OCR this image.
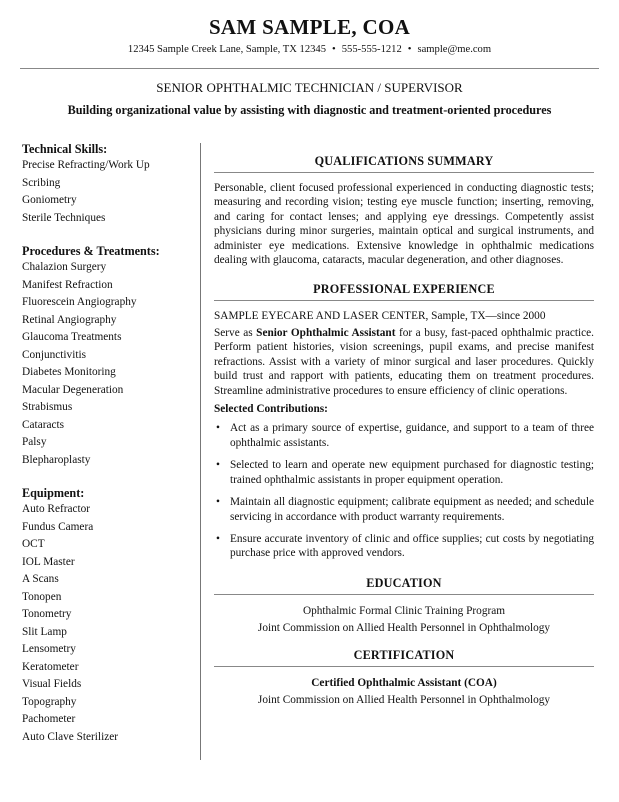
SAM SAMPLE, COA
12345 Sample Creek Lane, Sample, TX 12345 • 555-555-1212 • sample@me.com
SENIOR OPHTHALMIC TECHNICIAN / SUPERVISOR
Building organizational value by assisting with diagnostic and treatment-oriented procedures
Technical Skills:
Precise Refracting/Work Up
Scribing
Goniometry
Sterile Techniques
Procedures & Treatments:
Chalazion Surgery
Manifest Refraction
Fluorescein Angiography
Retinal Angiography
Glaucoma Treatments
Conjunctivitis
Diabetes Monitoring
Macular Degeneration
Strabismus
Cataracts
Palsy
Blepharoplasty
Equipment:
Auto Refractor
Fundus Camera
OCT
IOL Master
A Scans
Tonopen
Tonometry
Slit Lamp
Lensometry
Keratometer
Visual Fields
Topography
Pachometer
Auto Clave Sterilizer
QUALIFICATIONS SUMMARY
Personable, client focused professional experienced in conducting diagnostic tests; measuring and recording vision; testing eye muscle function; inserting, removing, and caring for contact lenses; and applying eye dressings. Competently assist physicians during minor surgeries, maintain optical and surgical instruments, and administer eye medications. Extensive knowledge in ophthalmic medications dealing with glaucoma, cataracts, macular degeneration, and other diagnoses.
PROFESSIONAL EXPERIENCE
SAMPLE EYECARE AND LASER CENTER, Sample, TX—since 2000
Serve as Senior Ophthalmic Assistant for a busy, fast-paced ophthalmic practice. Perform patient histories, vision screenings, pupil exams, and precise manifest refractions. Assist with a variety of minor surgical and laser procedures. Quickly build trust and rapport with patients, educating them on treatment procedures. Streamline administrative procedures to ensure efficiency of clinic operations.
Selected Contributions:
• Act as a primary source of expertise, guidance, and support to a team of three ophthalmic assistants.
• Selected to learn and operate new equipment purchased for diagnostic testing; trained ophthalmic assistants in proper equipment operation.
• Maintain all diagnostic equipment; calibrate equipment as needed; and schedule servicing in accordance with product warranty requirements.
• Ensure accurate inventory of clinic and office supplies; cut costs by negotiating purchase price with approved vendors.
EDUCATION
Ophthalmic Formal Clinic Training Program
Joint Commission on Allied Health Personnel in Ophthalmology
CERTIFICATION
Certified Ophthalmic Assistant (COA)
Joint Commission on Allied Health Personnel in Ophthalmology
